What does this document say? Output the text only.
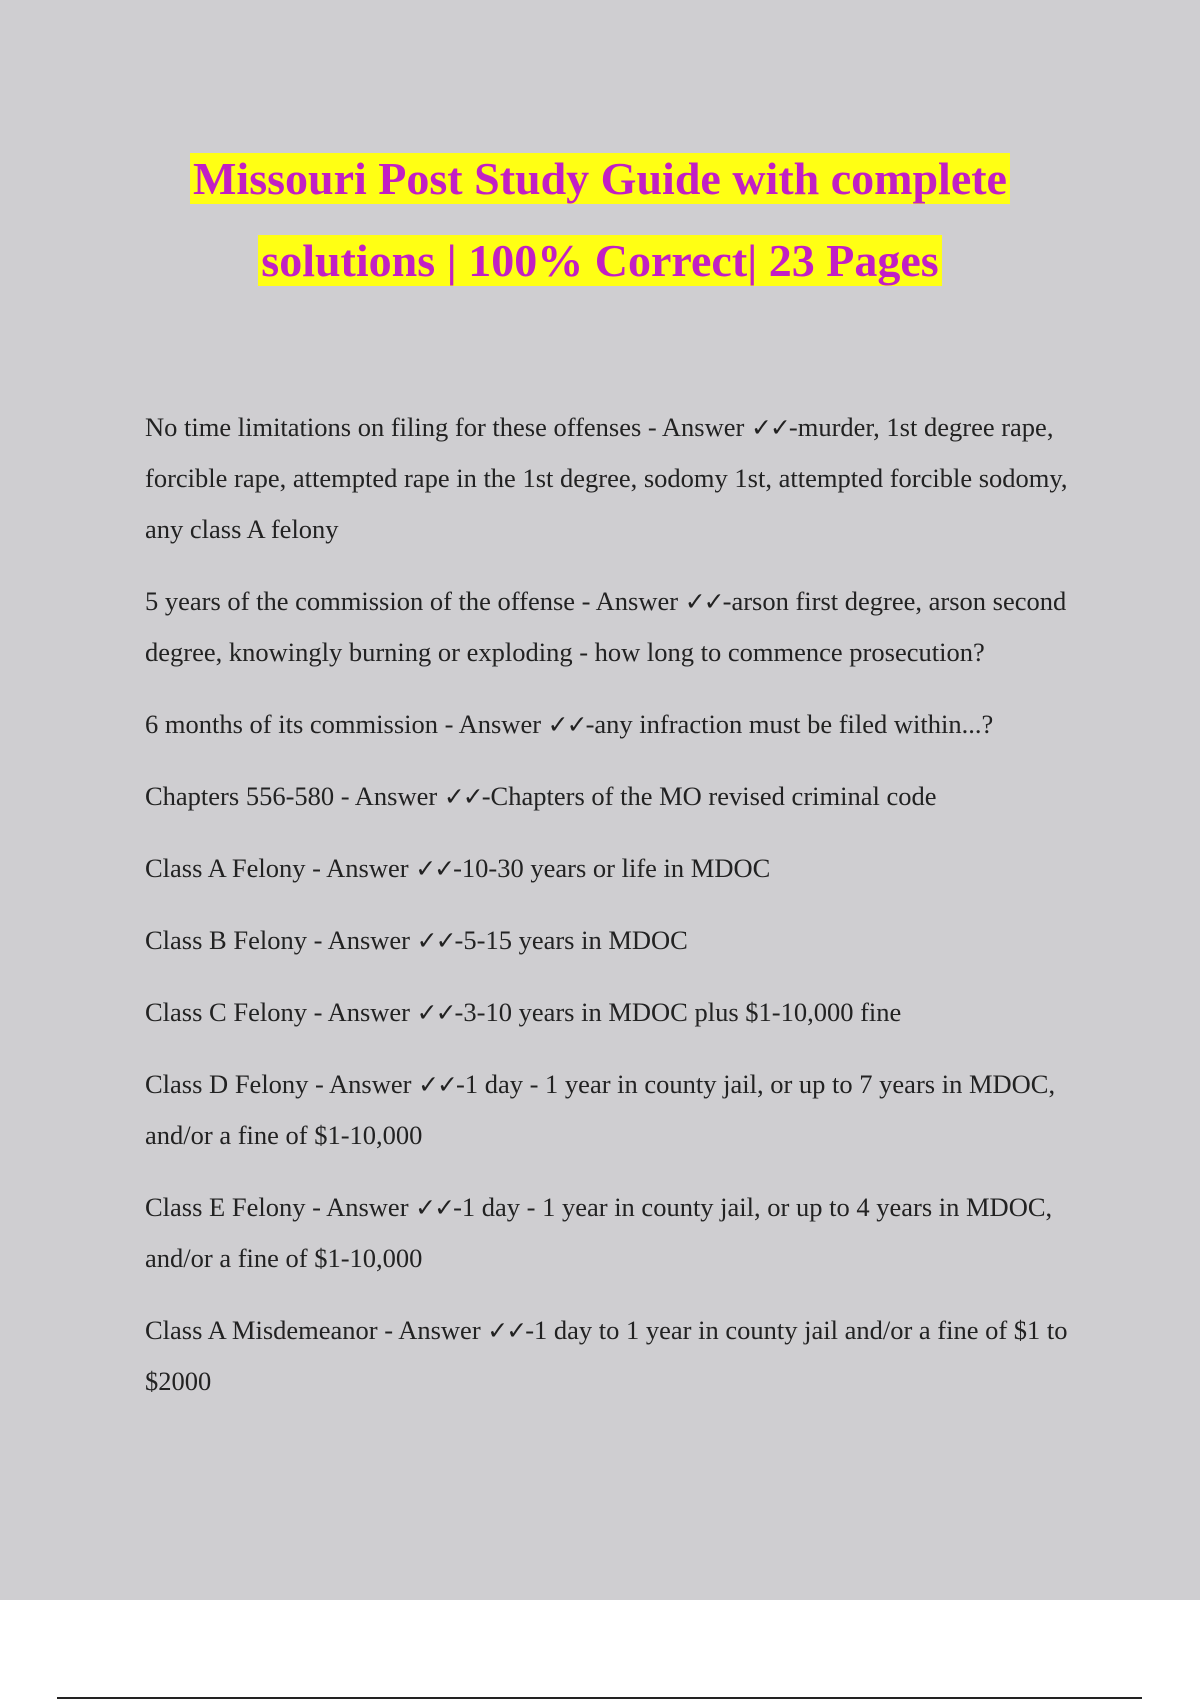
Missouri Post Study Guide with complete
solutions | 100% Correct| 23 Pages

No time limitations on filing for these offenses - Answer ✓✓-murder, 1st degree rape, forcible rape, attempted rape in the 1st degree, sodomy 1st, attempted forcible sodomy, any class A felony

5 years of the commission of the offense - Answer ✓✓-arson first degree, arson second degree, knowingly burning or exploding - how long to commence prosecution?

6 months of its commission - Answer ✓✓-any infraction must be filed within...?

Chapters 556-580 - Answer ✓✓-Chapters of the MO revised criminal code

Class A Felony - Answer ✓✓-10-30 years or life in MDOC

Class B Felony - Answer ✓✓-5-15 years in MDOC

Class C Felony - Answer ✓✓-3-10 years in MDOC plus $1-10,000 fine

Class D Felony - Answer ✓✓-1 day - 1 year in county jail, or up to 7 years in MDOC, and/or a fine of $1-10,000

Class E Felony - Answer ✓✓-1 day - 1 year in county jail, or up to 4 years in MDOC, and/or a fine of $1-10,000

Class A Misdemeanor - Answer ✓✓-1 day to 1 year in county jail and/or a fine of $1 to $2000
